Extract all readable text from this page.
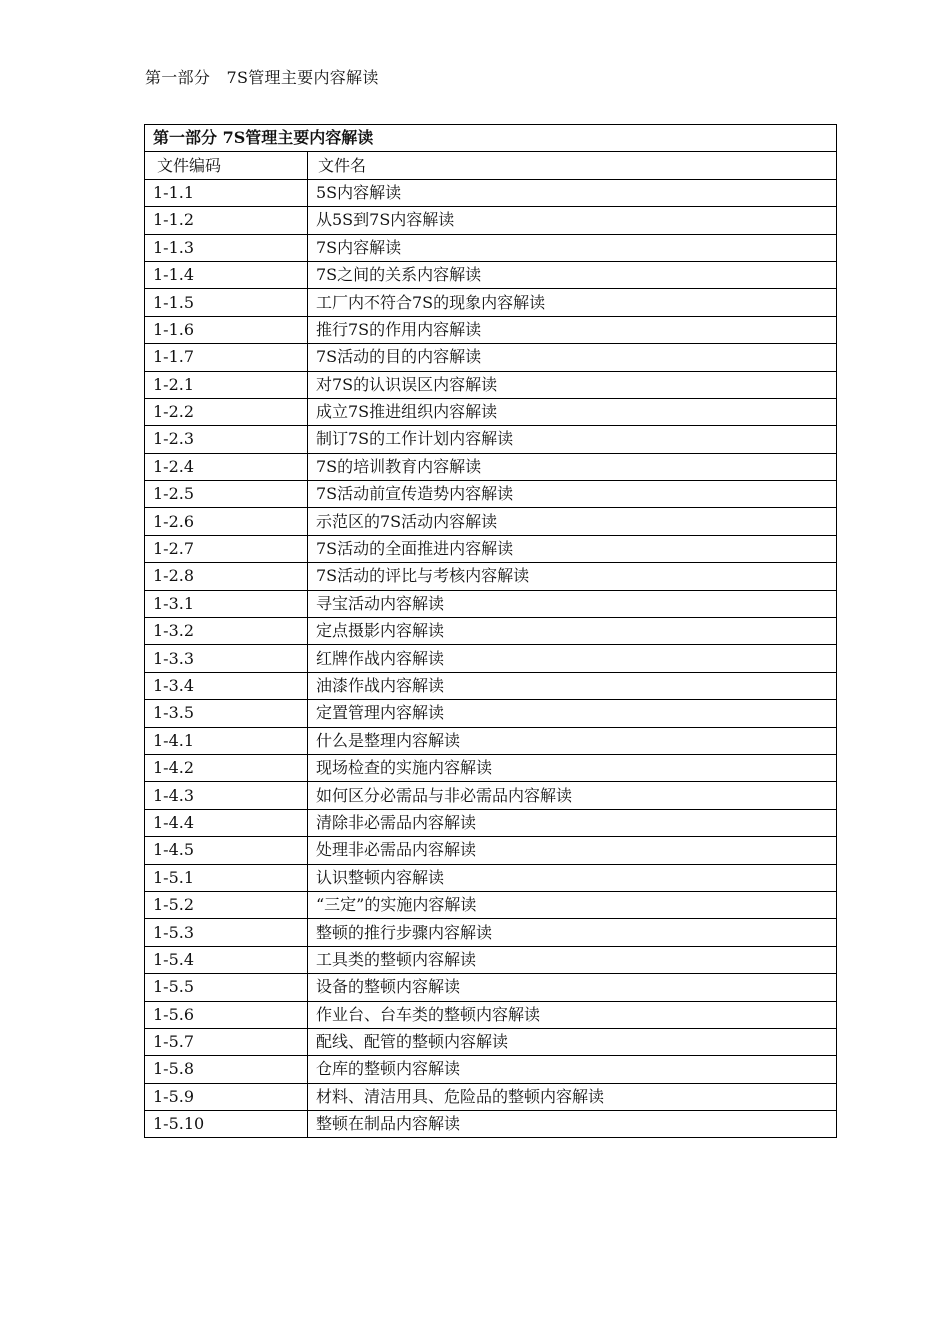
第一部分　7S管理主要内容解读
第一部分 7S管理主要内容解读	
文件编码	文件名
1-1.1	5S内容解读
1-1.2	从5S到7S内容解读
1-1.3	7S内容解读
1-1.4	7S之间的关系内容解读
1-1.5	工厂内不符合7S的现象内容解读
1-1.6	推行7S的作用内容解读
1-1.7	7S活动的目的内容解读
1-2.1	对7S的认识误区内容解读
1-2.2	成立7S推进组织内容解读
1-2.3	制订7S的工作计划内容解读
1-2.4	7S的培训教育内容解读
1-2.5	7S活动前宣传造势内容解读
1-2.6	示范区的7S活动内容解读
1-2.7	7S活动的全面推进内容解读
1-2.8	7S活动的评比与考核内容解读
1-3.1	寻宝活动内容解读
1-3.2	定点摄影内容解读
1-3.3	红牌作战内容解读
1-3.4	油漆作战内容解读
1-3.5	定置管理内容解读
1-4.1	什么是整理内容解读
1-4.2	现场检查的实施内容解读
1-4.3	如何区分必需品与非必需品内容解读
1-4.4	清除非必需品内容解读
1-4.5	处理非必需品内容解读
1-5.1	认识整顿内容解读
1-5.2	“三定”的实施内容解读
1-5.3	整顿的推行步骤内容解读
1-5.4	工具类的整顿内容解读
1-5.5	设备的整顿内容解读
1-5.6	作业台、台车类的整顿内容解读
1-5.7	配线、配管的整顿内容解读
1-5.8	仓库的整顿内容解读
1-5.9	材料、清洁用具、危险品的整顿内容解读
1-5.10	整顿在制品内容解读
